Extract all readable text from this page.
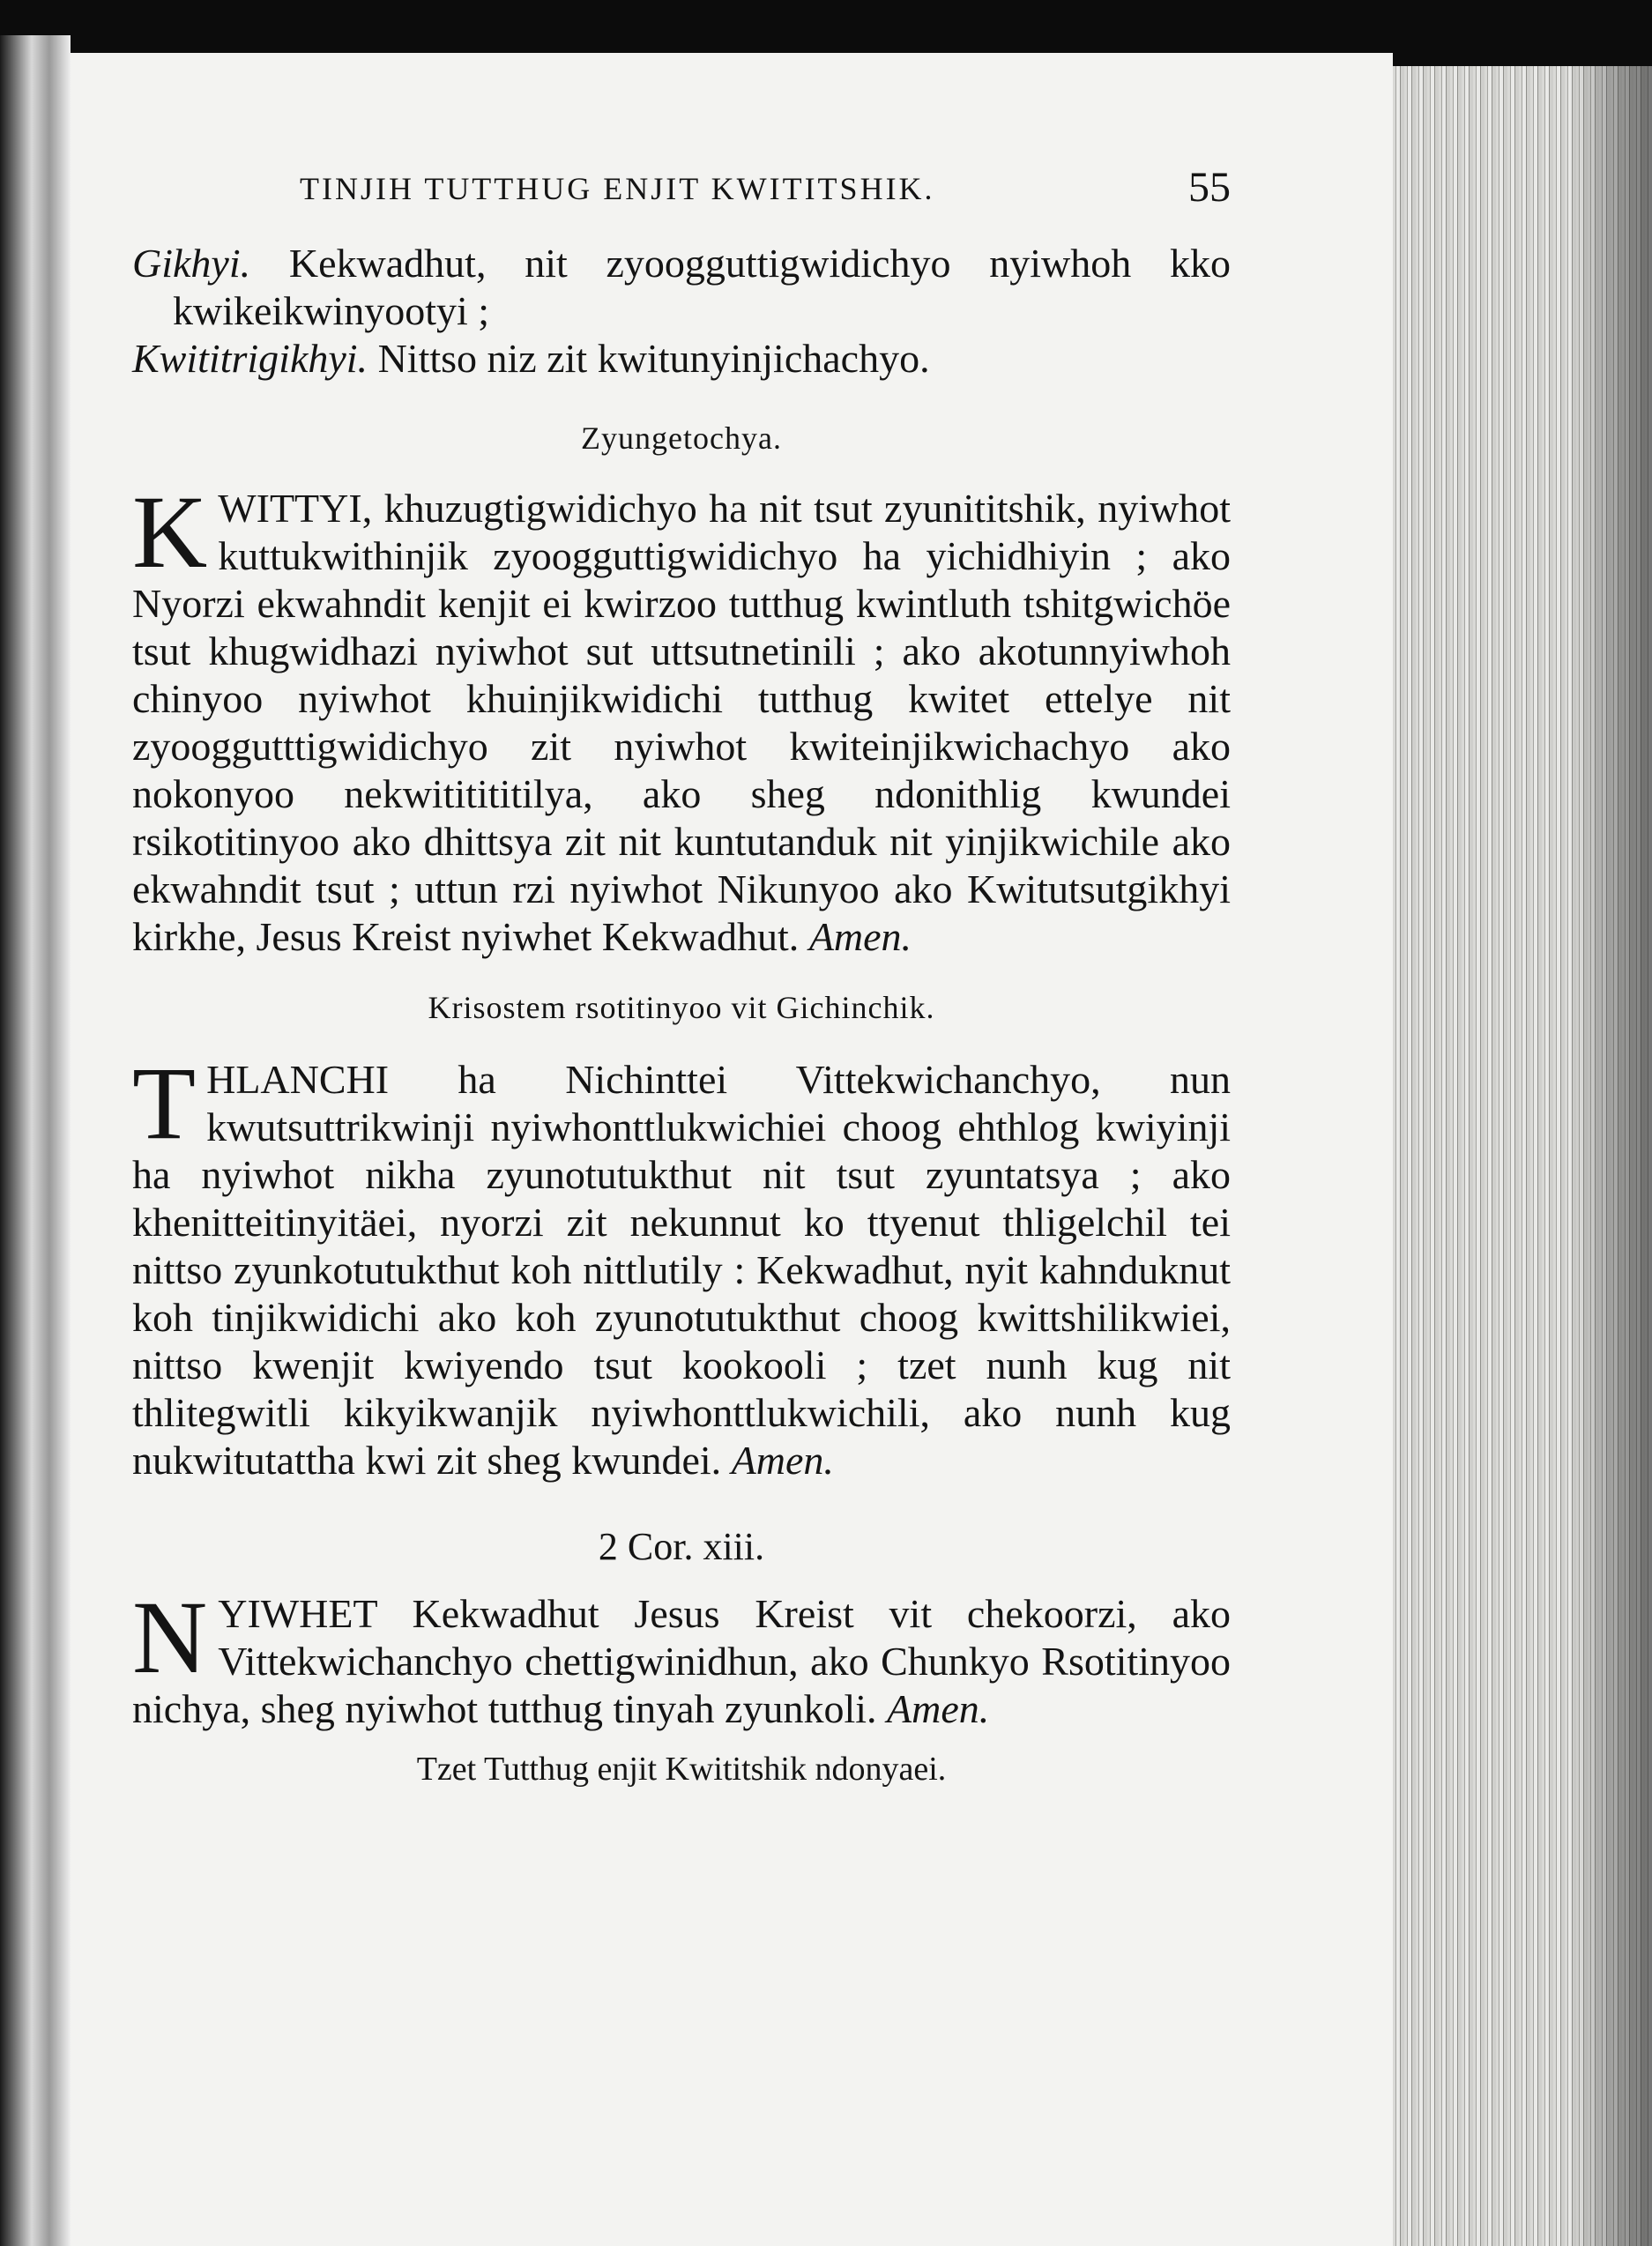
TINJIH TUTTHUG ENJIT KWITITSHIK.	55

Gikhyi. Kekwadhut, nit zyoogguttigwidichyo nyiwhoh kko kwikeikwinyootyi ;

Kwititrigikhyi. Nittso niz zit kwitunyinjichachyo.

Zyungetochya.

KWITTYI, khuzugtigwidichyo ha nit tsut zyunititshik, nyiwhot kuttukwithinjik zyoogguttigwidichyo ha yichidhiyin ; ako Nyorzi ekwahndit kenjit ei kwirzoo tutthug kwintluth tshitgwichöe tsut khugwidhazi nyiwhot sut uttsutnetinili ; ako akotunnyiwhoh chinyoo nyiwhot khuinjikwidichi tutthug kwitet ettelye nit zyooggutttigwidichyo zit nyiwhot kwiteinjikwichachyo ako nokonyoo nekwititititilya, ako sheg ndonithlig kwundei rsikotitinyoo ako dhittsya zit nit kuntutanduk nit yinjikwichile ako ekwahndit tsut ; uttun rzi nyiwhot Nikunyoo ako Kwitutsutgikhyi kirkhe, Jesus Kreist nyiwhet Kekwadhut. Amen.

Krisostem rsotitinyoo vit Gichinchik.

THLANCHI ha Nichinttei Vittekwichanchyo, nun kwutsuttrikwinji nyiwhonttlukwichiei choog ehthlog kwiyinji ha nyiwhot nikha zyunotutukthut nit tsut zyuntatsya ; ako khenitteitinyitäei, nyorzi zit nekunnut ko ttyenut thligelchil tei nittso zyunkotutukthut koh nittlutily : Kekwadhut, nyit kahnduknut koh tinjikwidichi ako koh zyunotutukthut choog kwittshilikwiei, nittso kwenjit kwiyendo tsut kookooli ; tzet nunh kug nit thlitegwitli kikyikwanjik nyiwhonttlukwichili, ako nunh kug nukwitutattha kwi zit sheg kwundei. Amen.

2 Cor. xiii.

NYIWHET Kekwadhut Jesus Kreist vit chekoorzi, ako Vittekwichanchyo chettigwinidhun, ako Chunkyo Rsotitinyoo nichya, sheg nyiwhot tutthug tinyah zyunkoli. Amen.

Tzet Tutthug enjit Kwititshik ndonyaei.
